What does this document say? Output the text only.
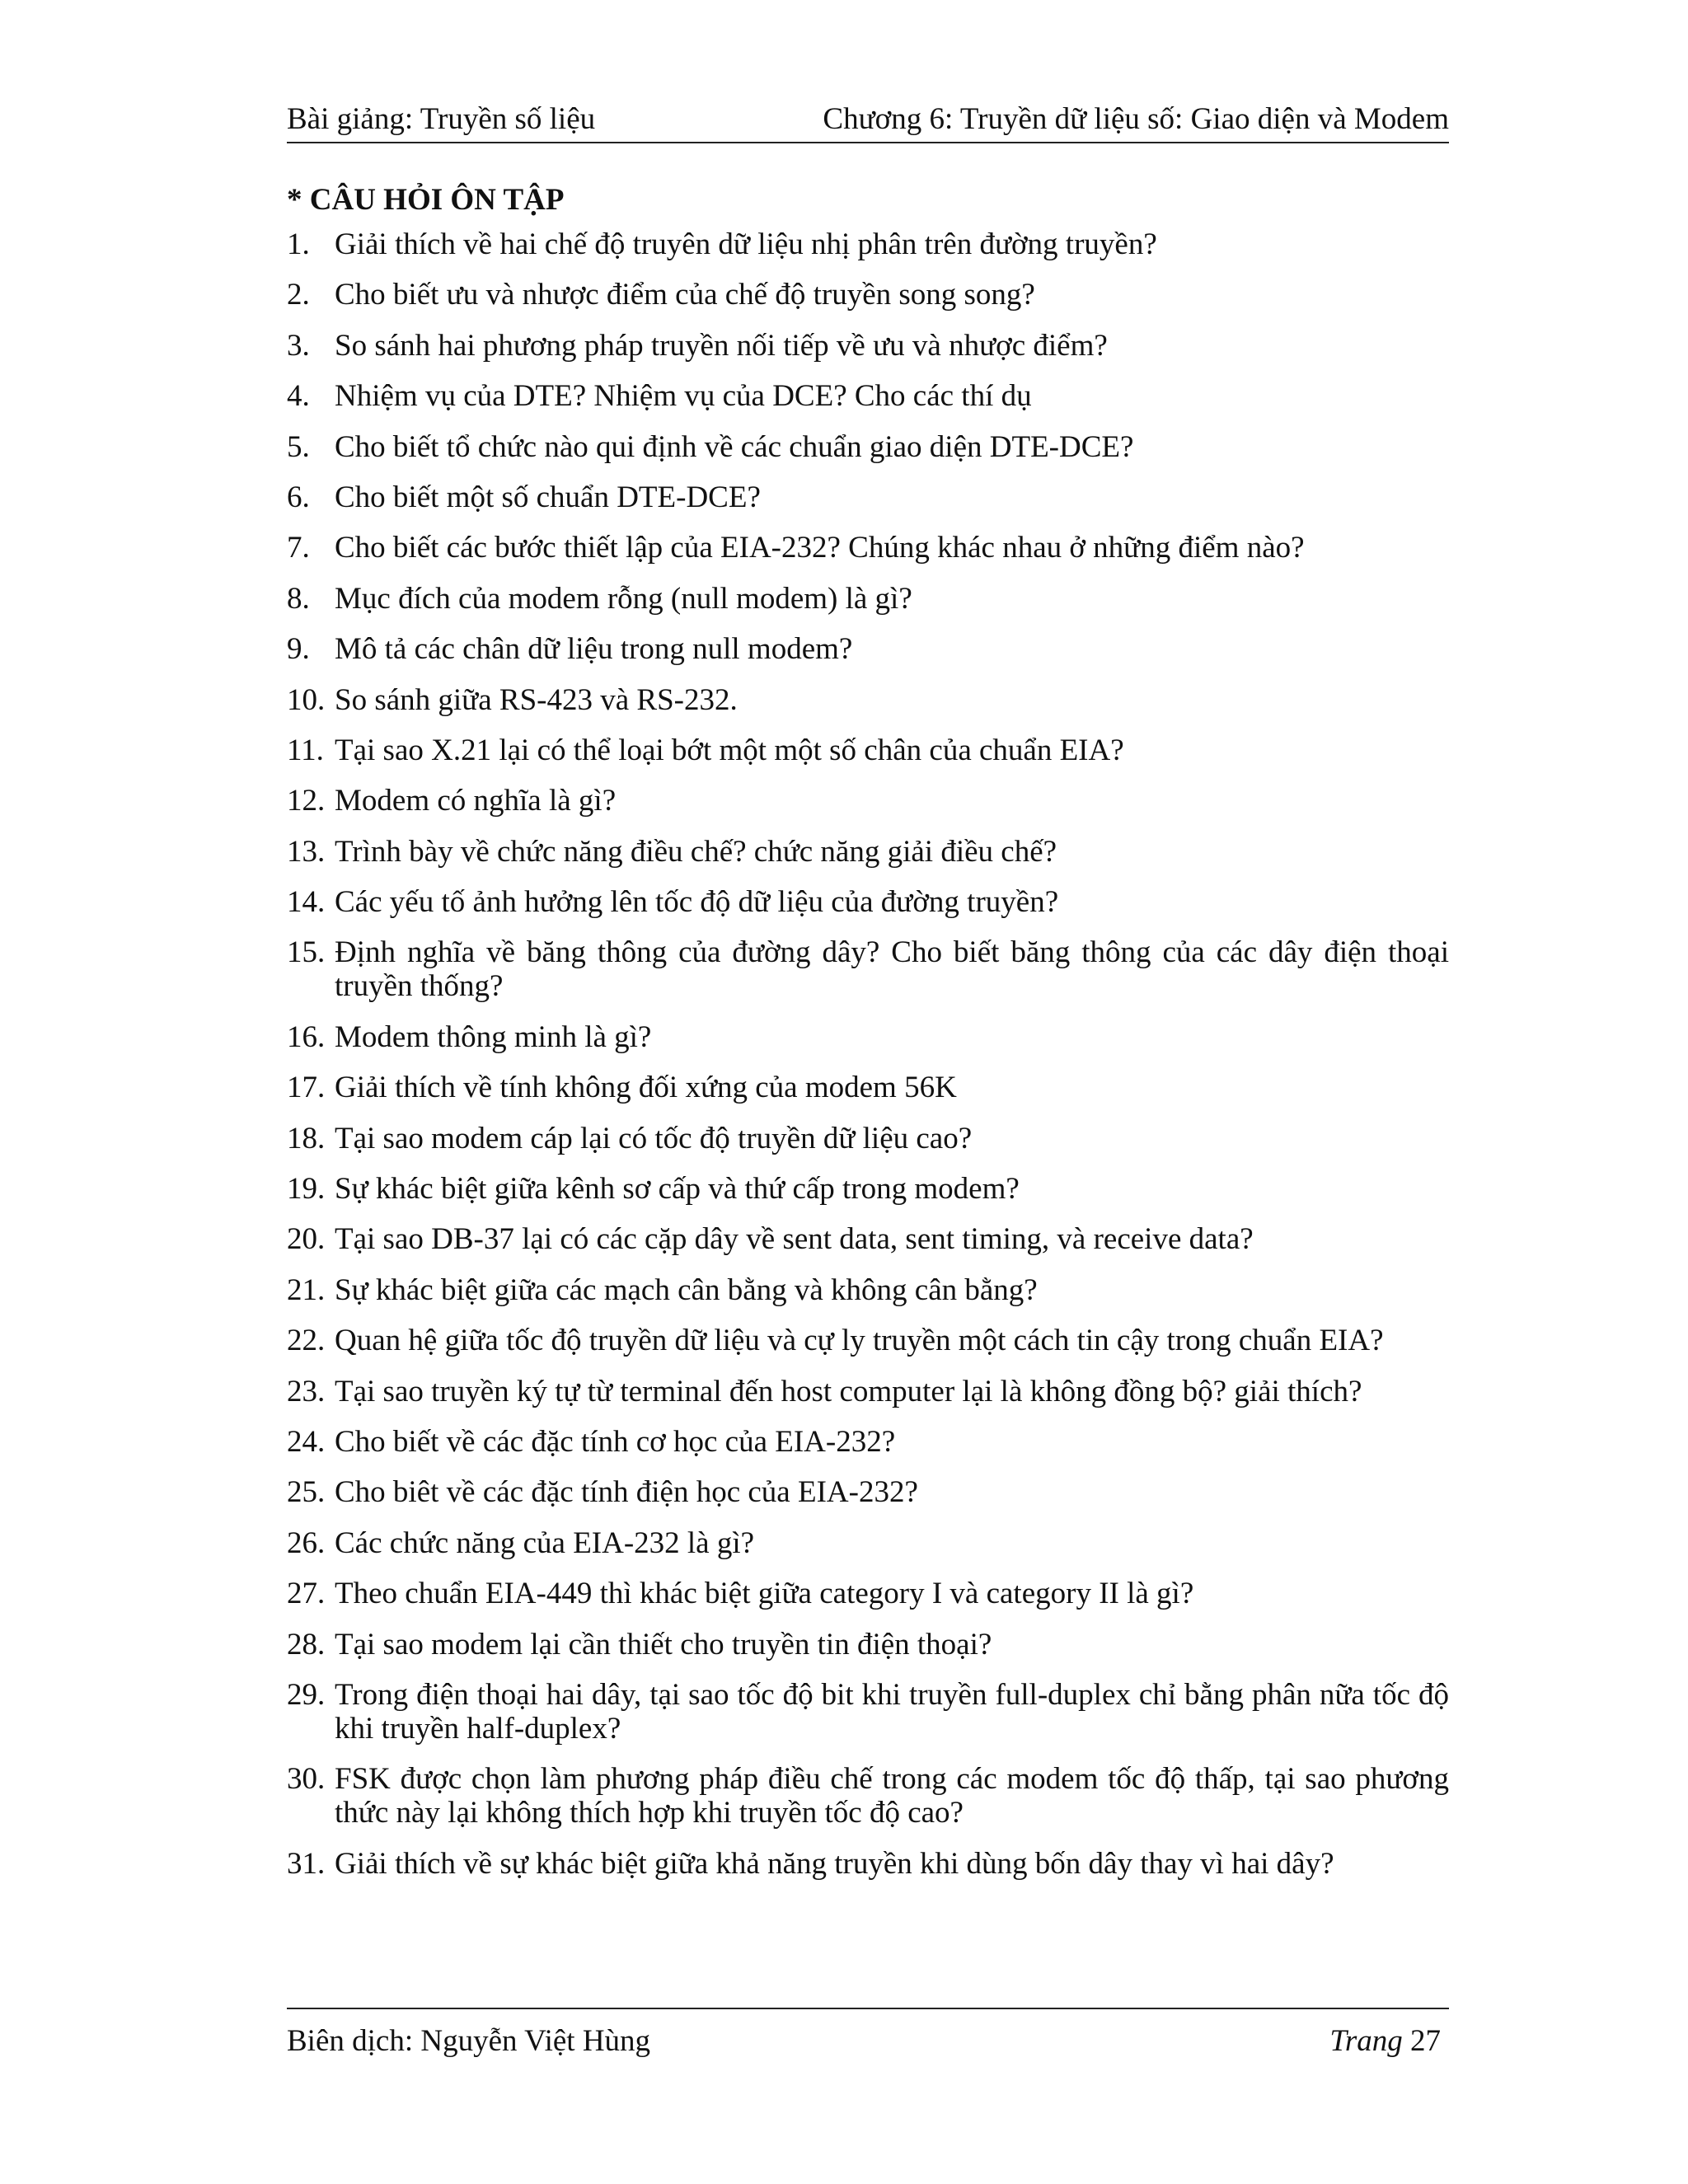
Bài giảng: Truyền số liệu	Chương 6: Truyền dữ liệu số: Giao diện và Modem
* CÂU HỎI ÔN TẬP
1. Giải thích về hai chế độ truyên dữ liệu nhị phân trên đường truyền?
2. Cho biết ưu và nhược điểm của chế độ truyền song song?
3. So sánh hai phương pháp truyền nối tiếp về ưu và nhược điểm?
4. Nhiệm vụ của DTE? Nhiệm vụ của DCE? Cho các thí dụ
5. Cho biết tổ chức nào qui định về các chuẩn giao diện DTE-DCE?
6. Cho biết một số chuẩn DTE-DCE?
7. Cho biết các bước thiết lập của EIA-232? Chúng khác nhau ở những điểm nào?
8. Mục đích của modem rỗng (null modem) là gì?
9. Mô tả các chân dữ liệu trong null modem?
10. So sánh giữa RS-423 và RS-232.
11. Tại sao X.21 lại có thể loại bớt một một số chân của chuẩn EIA?
12. Modem có nghĩa là gì?
13. Trình bày về chức năng điều chế? chức năng giải điều chế?
14. Các yếu tố ảnh hưởng lên tốc độ dữ liệu của đường truyền?
15. Định nghĩa về băng thông của đường dây? Cho biết băng thông của các dây điện thoại truyền thống?
16. Modem thông minh là gì?
17. Giải thích về tính không đối xứng của modem 56K
18. Tại sao modem cáp lại có tốc độ truyền dữ liệu cao?
19. Sự khác biệt giữa kênh sơ cấp và thứ cấp trong modem?
20. Tại sao DB-37 lại có các cặp dây về sent data, sent timing, và receive data?
21. Sự khác biệt giữa các mạch cân bằng và không cân bằng?
22. Quan hệ giữa tốc độ truyền dữ liệu và cự ly truyền một cách tin cậy trong chuẩn EIA?
23. Tại sao truyền ký tự từ terminal đến host computer lại là không đồng bộ? giải thích?
24. Cho biết về các đặc tính cơ học của EIA-232?
25. Cho biêt về các đặc tính điện học của EIA-232?
26. Các chức năng của EIA-232 là gì?
27. Theo chuẩn EIA-449 thì khác biệt giữa category I và category II là gì?
28. Tại sao modem lại cần thiết cho truyền tin điện thoại?
29. Trong điện thoại hai dây, tại sao tốc độ bit khi truyền full-duplex chỉ bằng phân nữa tốc độ khi truyền half-duplex?
30. FSK được chọn làm phương pháp điều chế trong các modem tốc độ thấp, tại sao phương thức này lại không thích hợp khi truyền tốc độ cao?
31. Giải thích về sự khác biệt giữa khả năng truyền khi dùng bốn dây thay vì hai dây?
Biên dịch: Nguyễn Việt Hùng	Trang 27
